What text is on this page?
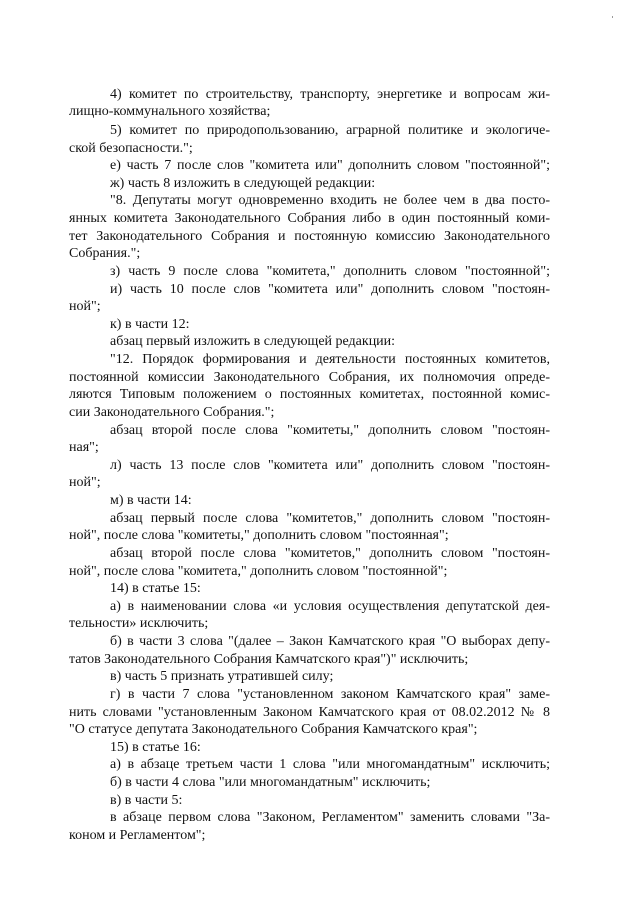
4) комитет по строительству, транспорту, энергетике и вопросам жи-
лищно-коммунального хозяйства;
5) комитет по природопользованию, аграрной политике и экологиче-
ской безопасности.";
е) часть 7 после слов "комитета или" дополнить словом "постоянной";
ж) часть 8 изложить в следующей редакции:
"8. Депутаты могут одновременно входить не более чем в два посто-
янных комитета Законодательного Собрания либо в один постоянный коми-
тет Законодательного Собрания и постоянную комиссию Законодательного
Собрания.";
з) часть 9 после слова "комитета," дополнить словом "постоянной";
и) часть 10 после слов "комитета или" дополнить словом "постоян-
ной";
к) в части 12:
абзац первый изложить в следующей редакции:
"12. Порядок формирования и деятельности постоянных комитетов,
постоянной комиссии Законодательного Собрания, их полномочия опреде-
ляются Типовым положением о постоянных комитетах, постоянной комис-
сии Законодательного Собрания.";
абзац второй после слова "комитеты," дополнить словом "постоян-
ная";
л) часть 13 после слов "комитета или" дополнить словом "постоян-
ной";
м) в части 14:
абзац первый после слова "комитетов," дополнить словом "постоян-
ной", после слова "комитеты," дополнить словом "постоянная";
абзац второй после слова "комитетов," дополнить словом "постоян-
ной", после слова "комитета," дополнить словом "постоянной";
14) в статье 15:
а) в наименовании слова «и условия осуществления депутатской дея-
тельности» исключить;
б) в части 3 слова "(далее – Закон Камчатского края "О выборах депу-
татов Законодательного Собрания Камчатского края")" исключить;
в) часть 5 признать утратившей силу;
г) в части 7 слова "установленном законом Камчатского края" заме-
нить словами "установленным Законом Камчатского края от 08.02.2012 № 8
"О статусе депутата Законодательного Собрания Камчатского края";
15) в статье 16:
а) в абзаце третьем части 1 слова "или многомандатным" исключить;
б) в части 4 слова "или многомандатным" исключить;
в) в части 5:
в абзаце первом слова "Законом, Регламентом" заменить словами "За-
коном и Регламентом";
